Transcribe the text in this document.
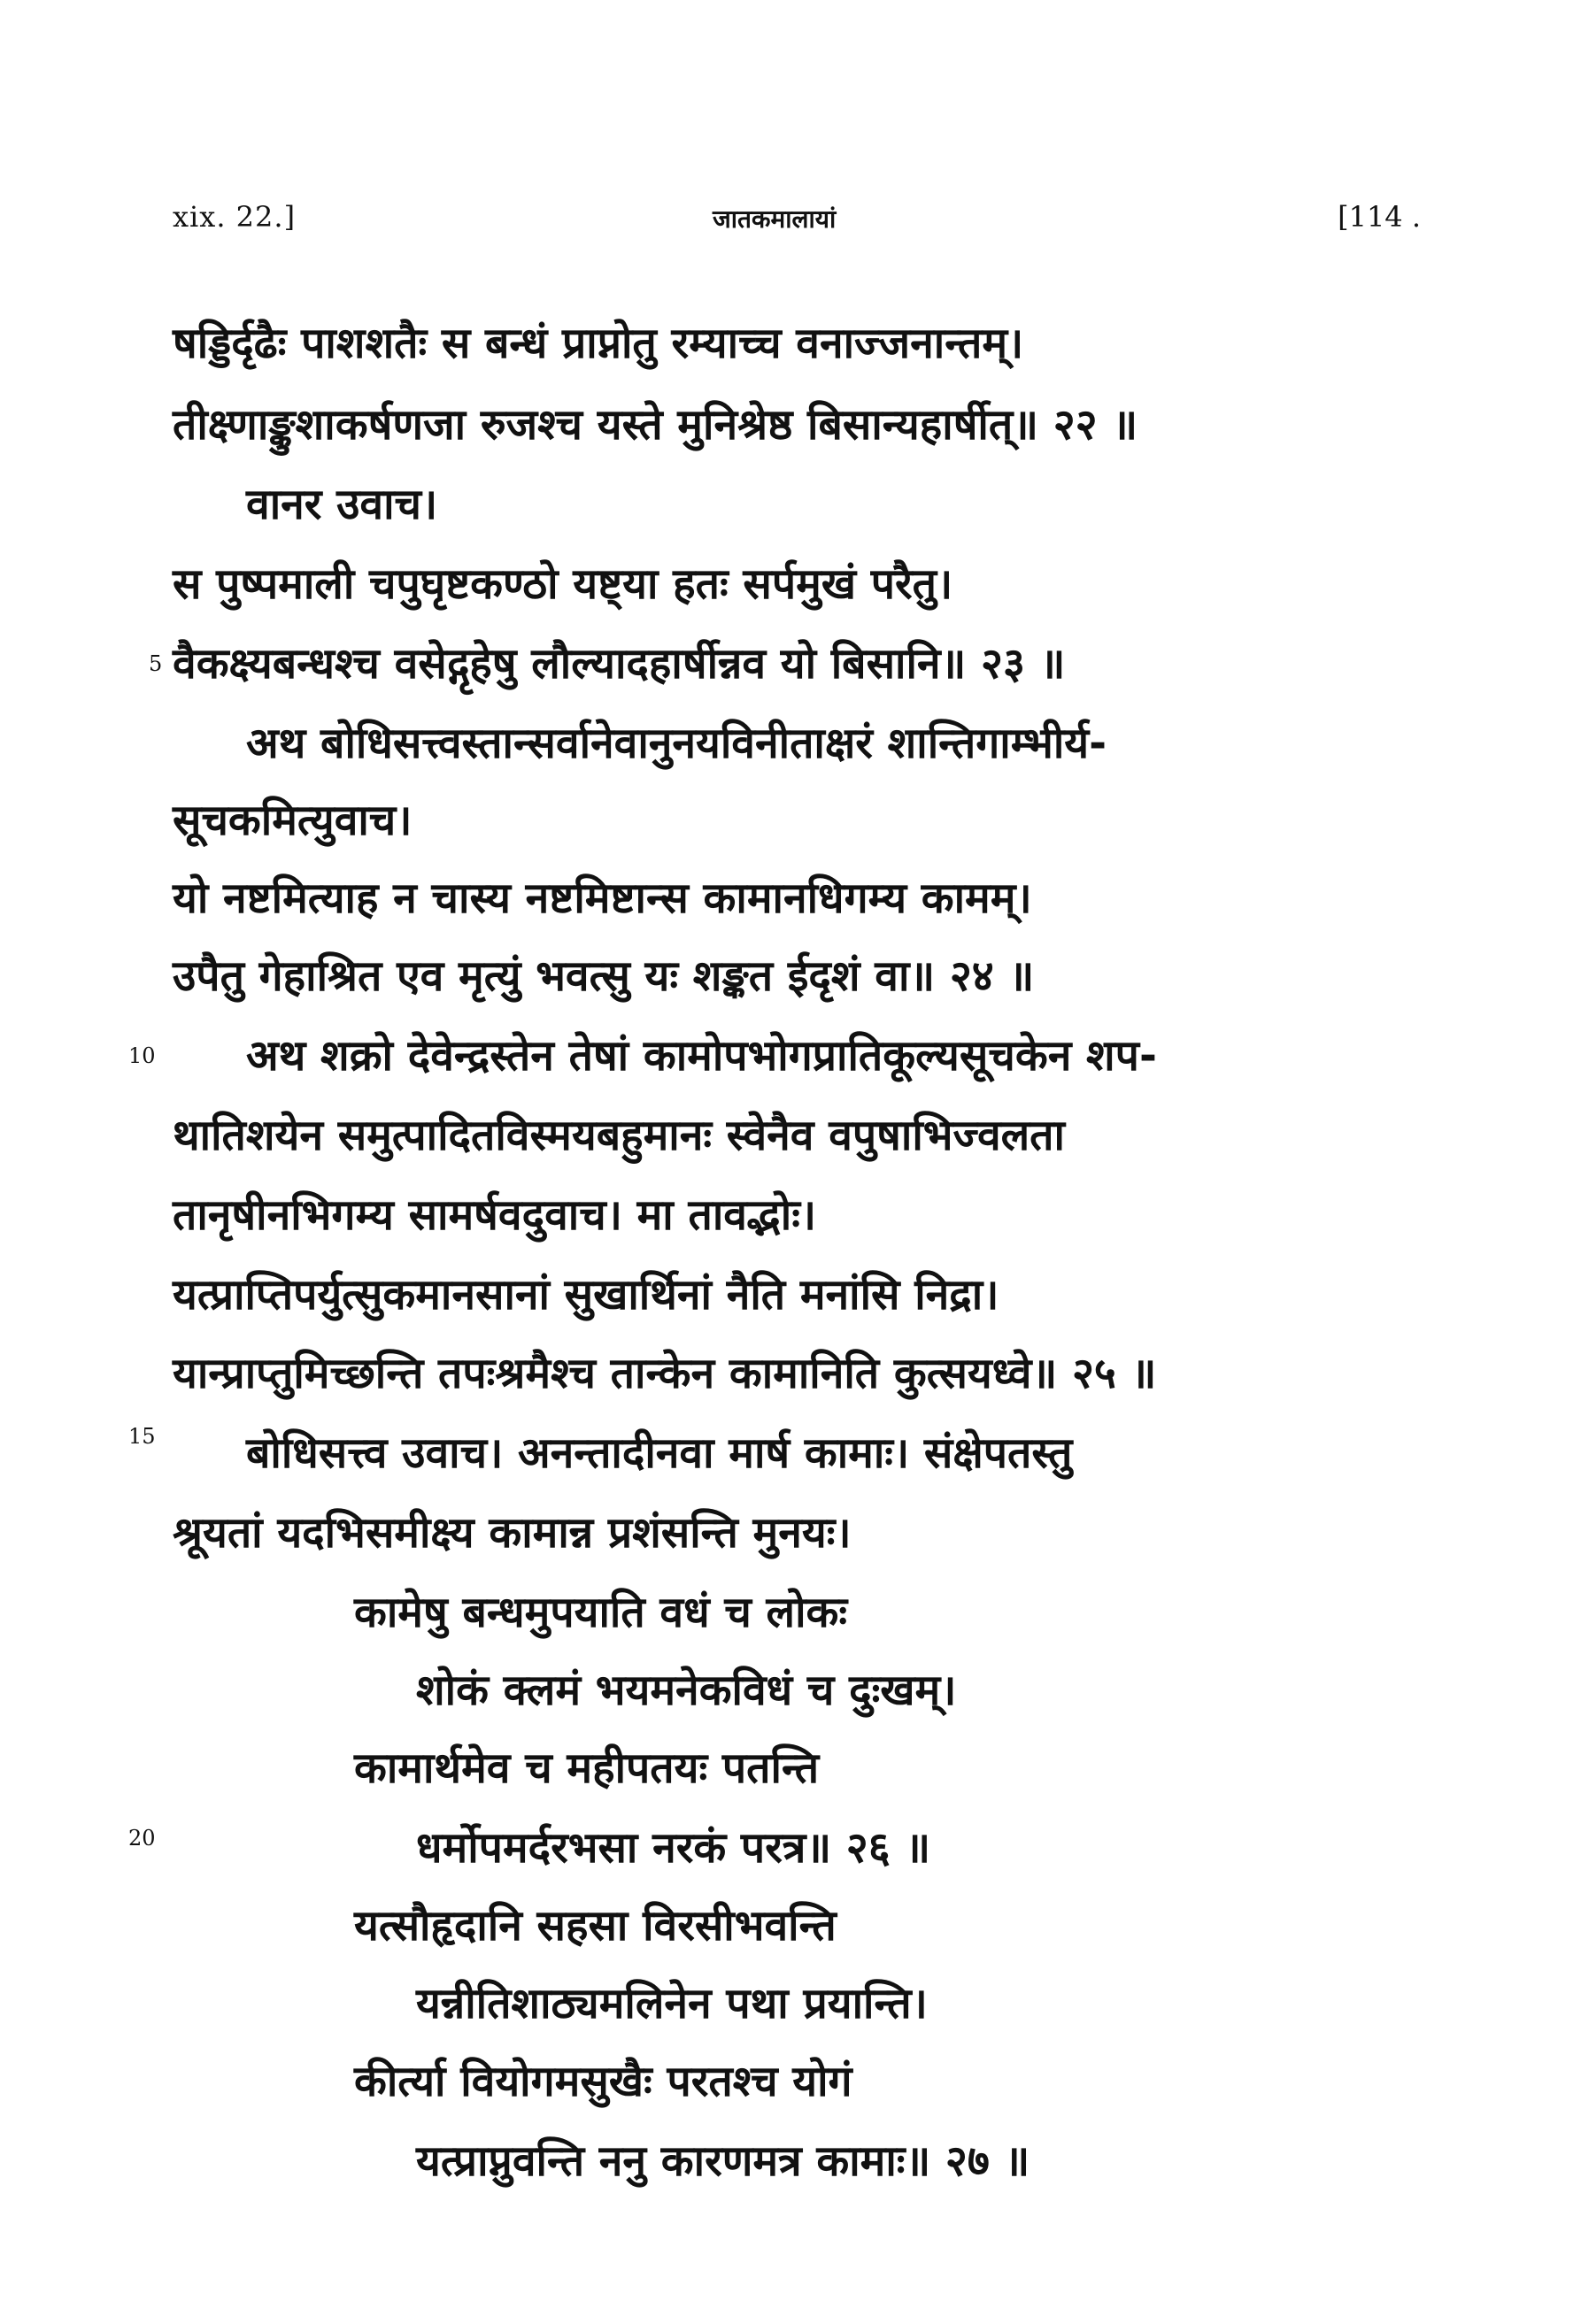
xix. 22.]	जातकमालायां	[114 .
षड्डिर्दृढैः पाशशतैः स बन्धं प्राप्नोतु रम्याच्च वनाज्जनान्तम्।
तीक्ष्णाङ्कुशाकर्षणजा रुजश्च यस्ते मुनिश्रेष्ठ बिसान्यहार्षीत्॥ २२ ॥
वानर उवाच।
स पुष्पमाली चपुघृष्टकण्ठो यष्ट्या हतः सर्पमुखं परैतु।
वैकक्ष्यबन्धश्च वसेद्गृहेषु लौल्यादहार्षीन्नव यो बिसानि॥ २३ ॥
अथ बोधिसत्त्वस्तान्सर्वानेवानुनयविनीताक्षरं शान्तिगाम्भीर्य-
सूचकमित्युवाच।
यो नष्टमित्याह न चास्य नष्टमिष्टान्स कामानधिगम्य कामम्।
उपैतु गेहाश्रित एव मृत्युं भवत्सु यः शङ्कत ईदृशं वा॥ २४ ॥
अथ शक्रो देवेन्द्रस्तेन तेषां कामोपभोगप्रातिकूल्यसूचकेन शप-
थातिशयेन समुत्पादितविस्मयबहुमानः स्वेनैव वपुषाभिज्वलता
तानृषीनभिगम्य सामर्षवदुवाच। मा तावद्भोः।
यत्प्राप्तिपर्युत्सुकमानसानां सुखार्थिनां नैति मनांसि निद्रा।
यान्प्राप्तुमिच्छन्ति तपःश्रमैश्च तान्केन कामानिति कुत्सयध्वे॥ २५ ॥
बोधिसत्त्व उवाच। अनन्तादीनवा मार्ष कामाः। संक्षेपतस्तु
श्रूयतां यदभिसमीक्ष्य कामान्न प्रशंसन्ति मुनयः।
कामेषु बन्धमुपयाति वधं च लोकः
शोकं क्लमं भयमनेकविधं च दुःखम्।
कामार्थमेव च महीपतयः पतन्ति
धर्मोपमर्दरभसा नरकं परत्र॥ २६ ॥
यत्सौहृदानि सहसा विरसीभवन्ति
यन्नीतिशाठ्यमलिनेन पथा प्रयान्ति।
कीर्त्या वियोगमसुखैः परतश्च योगं
यत्प्राप्नुवन्ति ननु कारणमत्र कामाः॥ २७ ॥
5
10
15
20
